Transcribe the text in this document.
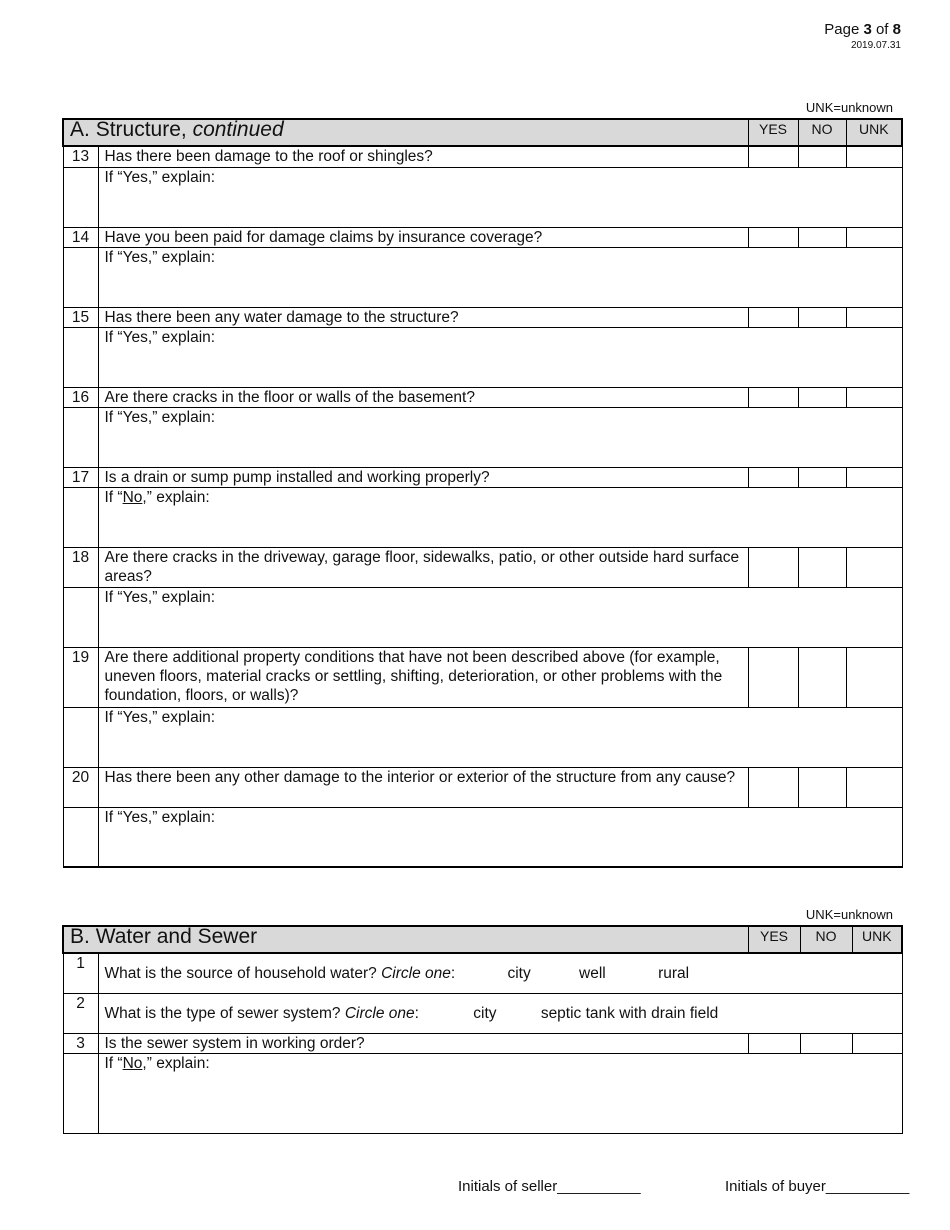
Page 3 of 8
2019.07.31
UNK=unknown
A. Structure, continued		YES	NO	UNK
13	Has there been damage to the roof or shingles?			
	If “Yes,” explain:			
14	Have you been paid for damage claims by insurance coverage?			
	If “Yes,” explain:			
15	Has there been any water damage to the structure?			
	If “Yes,” explain:			
16	Are there cracks in the floor or walls of the basement?			
	If “Yes,” explain:			
17	Is a drain or sump pump installed and working properly?			
	If “No,” explain:			
18	Are there cracks in the driveway, garage floor, sidewalks, patio, or other outside hard surface areas?			
	If “Yes,” explain:			
19	Are there additional property conditions that have not been described above (for example, uneven floors, material cracks or settling, shifting, deterioration, or other problems with the foundation, floors, or walls)?			
	If “Yes,” explain:			
20	Has there been any other damage to the interior or exterior of the structure from any cause?			
	If “Yes,” explain:			
UNK=unknown
B. Water and Sewer		YES	NO	UNK
1	What is the source of household water? Circle one: city well rural			
2	What is the type of sewer system? Circle one: city septic tank with drain field			
3	Is the sewer system in working order?			
	If “No,” explain:			
Initials of seller__________	Initials of buyer__________
